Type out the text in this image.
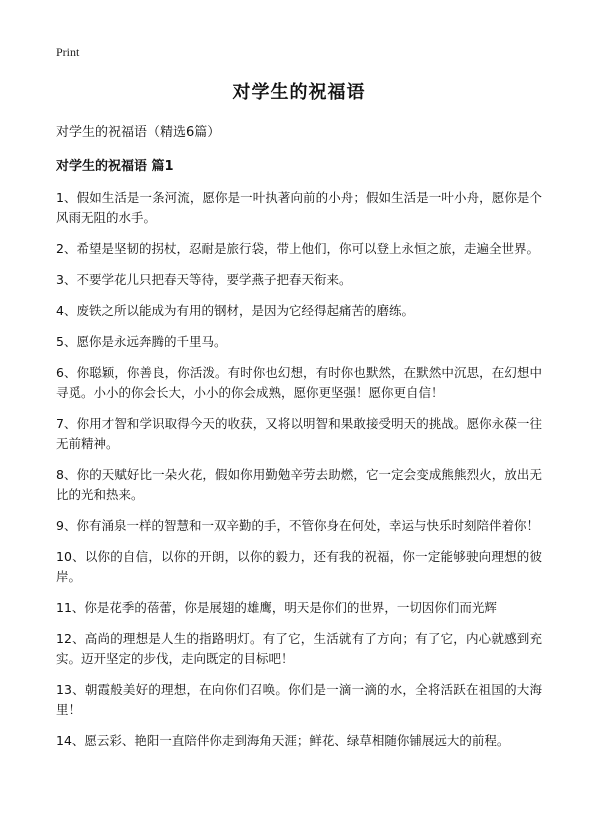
Print
对学生的祝福语
对学生的祝福语（精选6篇）
对学生的祝福语 篇1
1、假如生活是一条河流，愿你是一叶执著向前的小舟；假如生活是一叶小舟，愿你是个风雨无阻的水手。
2、希望是坚韧的拐杖，忍耐是旅行袋，带上他们，你可以登上永恒之旅，走遍全世界。
3、不要学花儿只把春天等待，要学燕子把春天衔来。
4、废铁之所以能成为有用的钢材，是因为它经得起痛苦的磨练。
5、愿你是永远奔腾的千里马。
6、你聪颖，你善良，你活泼。有时你也幻想，有时你也默然，在默然中沉思，在幻想中寻觅。小小的你会长大，小小的你会成熟，愿你更坚强！愿你更自信！
7、你用才智和学识取得今天的收获，又将以明智和果敢接受明天的挑战。愿你永葆一往无前精神。
8、你的天赋好比一朵火花，假如你用勤勉辛劳去助燃，它一定会变成熊熊烈火，放出无比的光和热来。
9、你有涌泉一样的智慧和一双辛勤的手，不管你身在何处，幸运与快乐时刻陪伴着你！
10、以你的自信，以你的开朗，以你的毅力，还有我的祝福，你一定能够驶向理想的彼岸。
11、你是花季的蓓蕾，你是展翅的雄鹰，明天是你们的世界，一切因你们而光辉
12、高尚的理想是人生的指路明灯。有了它，生活就有了方向；有了它，内心就感到充实。迈开坚定的步伐，走向既定的目标吧！
13、朝霞般美好的理想，在向你们召唤。你们是一滴一滴的水，全将活跃在祖国的大海里！
14、愿云彩、艳阳一直陪伴你走到海角天涯；鲜花、绿草相随你铺展远大的前程。
